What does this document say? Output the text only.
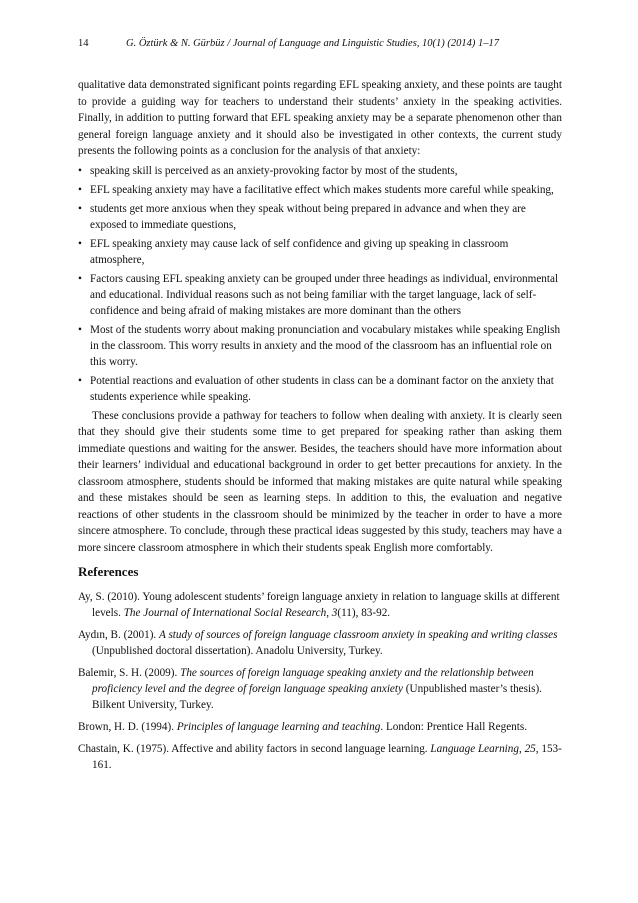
14	G. Öztürk & N. Gürbüz / Journal of Language and Linguistic Studies, 10(1) (2014) 1–17

qualitative data demonstrated significant points regarding EFL speaking anxiety, and these points are taught to provide a guiding way for teachers to understand their students’ anxiety in the speaking activities. Finally, in addition to putting forward that EFL speaking anxiety may be a separate phenomenon other than general foreign language anxiety and it should also be investigated in other contexts, the current study presents the following points as a conclusion for the analysis of that anxiety:

• speaking skill is perceived as an anxiety-provoking factor by most of the students,
• EFL speaking anxiety may have a facilitative effect which makes students more careful while speaking,
• students get more anxious when they speak without being prepared in advance and when they are exposed to immediate questions,
• EFL speaking anxiety may cause lack of self confidence and giving up speaking in classroom atmosphere,
• Factors causing EFL speaking anxiety can be grouped under three headings as individual, environmental and educational. Individual reasons such as not being familiar with the target language, lack of self-confidence and being afraid of making mistakes are more dominant than the others
• Most of the students worry about making pronunciation and vocabulary mistakes while speaking English in the classroom. This worry results in anxiety and the mood of the classroom has an influential role on this worry.
• Potential reactions and evaluation of other students in class can be a dominant factor on the anxiety that students experience while speaking.

These conclusions provide a pathway for teachers to follow when dealing with anxiety. It is clearly seen that they should give their students some time to get prepared for speaking rather than asking them immediate questions and waiting for the answer. Besides, the teachers should have more information about their learners’ individual and educational background in order to get better precautions for anxiety. In the classroom atmosphere, students should be informed that making mistakes are quite natural while speaking and these mistakes should be seen as learning steps. In addition to this, the evaluation and negative reactions of other students in the classroom should be minimized by the teacher in order to have a more sincere atmosphere. To conclude, through these practical ideas suggested by this study, teachers may have a more sincere classroom atmosphere in which their students speak English more comfortably.

References

Ay, S. (2010). Young adolescent students’ foreign language anxiety in relation to language skills at different levels. The Journal of International Social Research, 3(11), 83-92.

Aydın, B. (2001). A study of sources of foreign language classroom anxiety in speaking and writing classes (Unpublished doctoral dissertation). Anadolu University, Turkey.

Balemir, S. H. (2009). The sources of foreign language speaking anxiety and the relationship between proficiency level and the degree of foreign language speaking anxiety (Unpublished master’s thesis). Bilkent University, Turkey.

Brown, H. D. (1994). Principles of language learning and teaching. London: Prentice Hall Regents.

Chastain, K. (1975). Affective and ability factors in second language learning. Language Learning, 25, 153-161.
